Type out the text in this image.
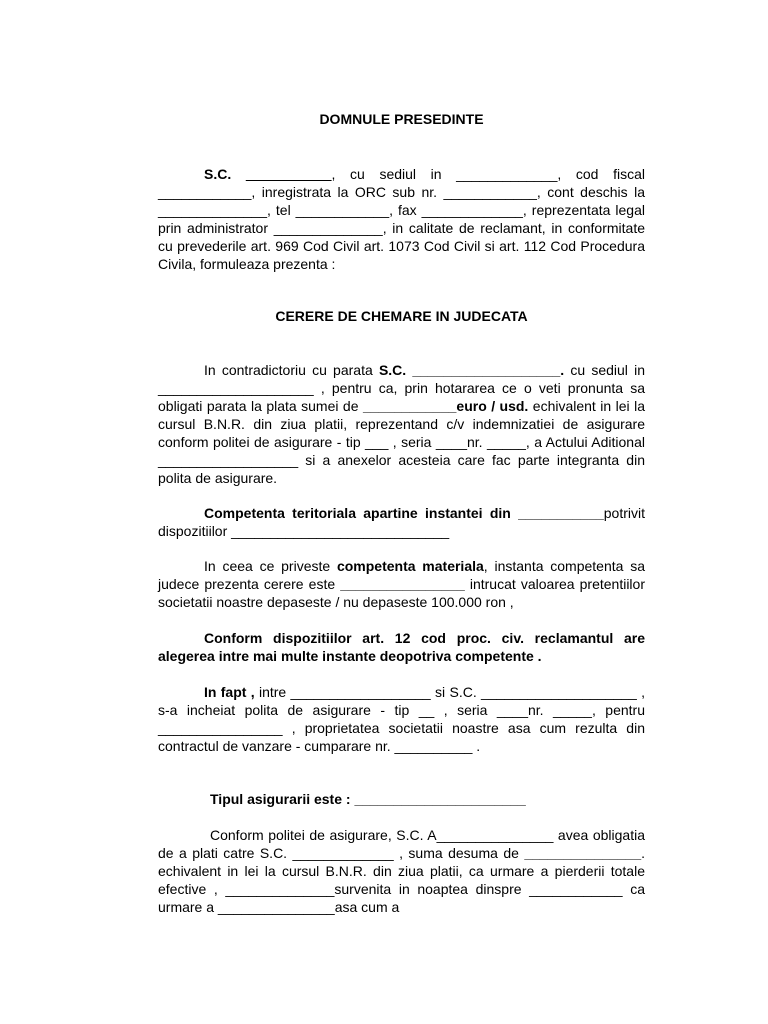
DOMNULE PRESEDINTE

S.C. ___________, cu sediul in _____________, cod fiscal ____________, inregistrata la ORC sub nr. ____________, cont deschis la ______________, tel ____________, fax _____________, reprezentata legal prin administrator ______________, in calitate de reclamant, in conformitate cu prevederile art. 969 Cod Civil art. 1073 Cod Civil si art. 112 Cod Procedura Civila, formuleaza prezenta :

CERERE DE CHEMARE IN JUDECATA

In contradictoriu cu parata S.C. ___________________. cu sediul in ____________________ , pentru ca, prin hotararea ce o veti pronunta sa obligati parata la plata sumei de ____________euro / usd. echivalent in lei la cursul B.N.R. din ziua platii, reprezentand c/v indemnizatiei de asigurare conform politei de asigurare - tip ___ , seria ____nr. _____, a Actului Aditional __________________ si a anexelor acesteia care fac parte integranta din polita de asigurare.

Competenta teritoriala apartine instantei din ___________potrivit dispozitiilor ____________________________

In ceea ce priveste competenta materiala, instanta competenta sa judece prezenta cerere este ________________ intrucat valoarea pretentiilor societatii noastre depaseste / nu depaseste 100.000 ron ,

Conform dispozitiilor art. 12 cod proc. civ. reclamantul are alegerea intre mai multe instante deopotriva competente .

In fapt , intre __________________ si S.C. ____________________ , s-a incheiat polita de asigurare - tip __ , seria ____nr. _____, pentru ________________ , proprietatea societatii noastre asa cum rezulta din contractul de vanzare - cumparare nr. __________ .

Tipul asigurarii este : ______________________

Conform politei de asigurare, S.C. A_______________ avea obligatia de a plati catre S.C. _____________ , suma desuma de _______________. echivalent in lei la cursul B.N.R. din ziua platii, ca urmare a pierderii totale efective , ______________survenita in noaptea dinspre ____________ ca urmare a _______________asa cum a
